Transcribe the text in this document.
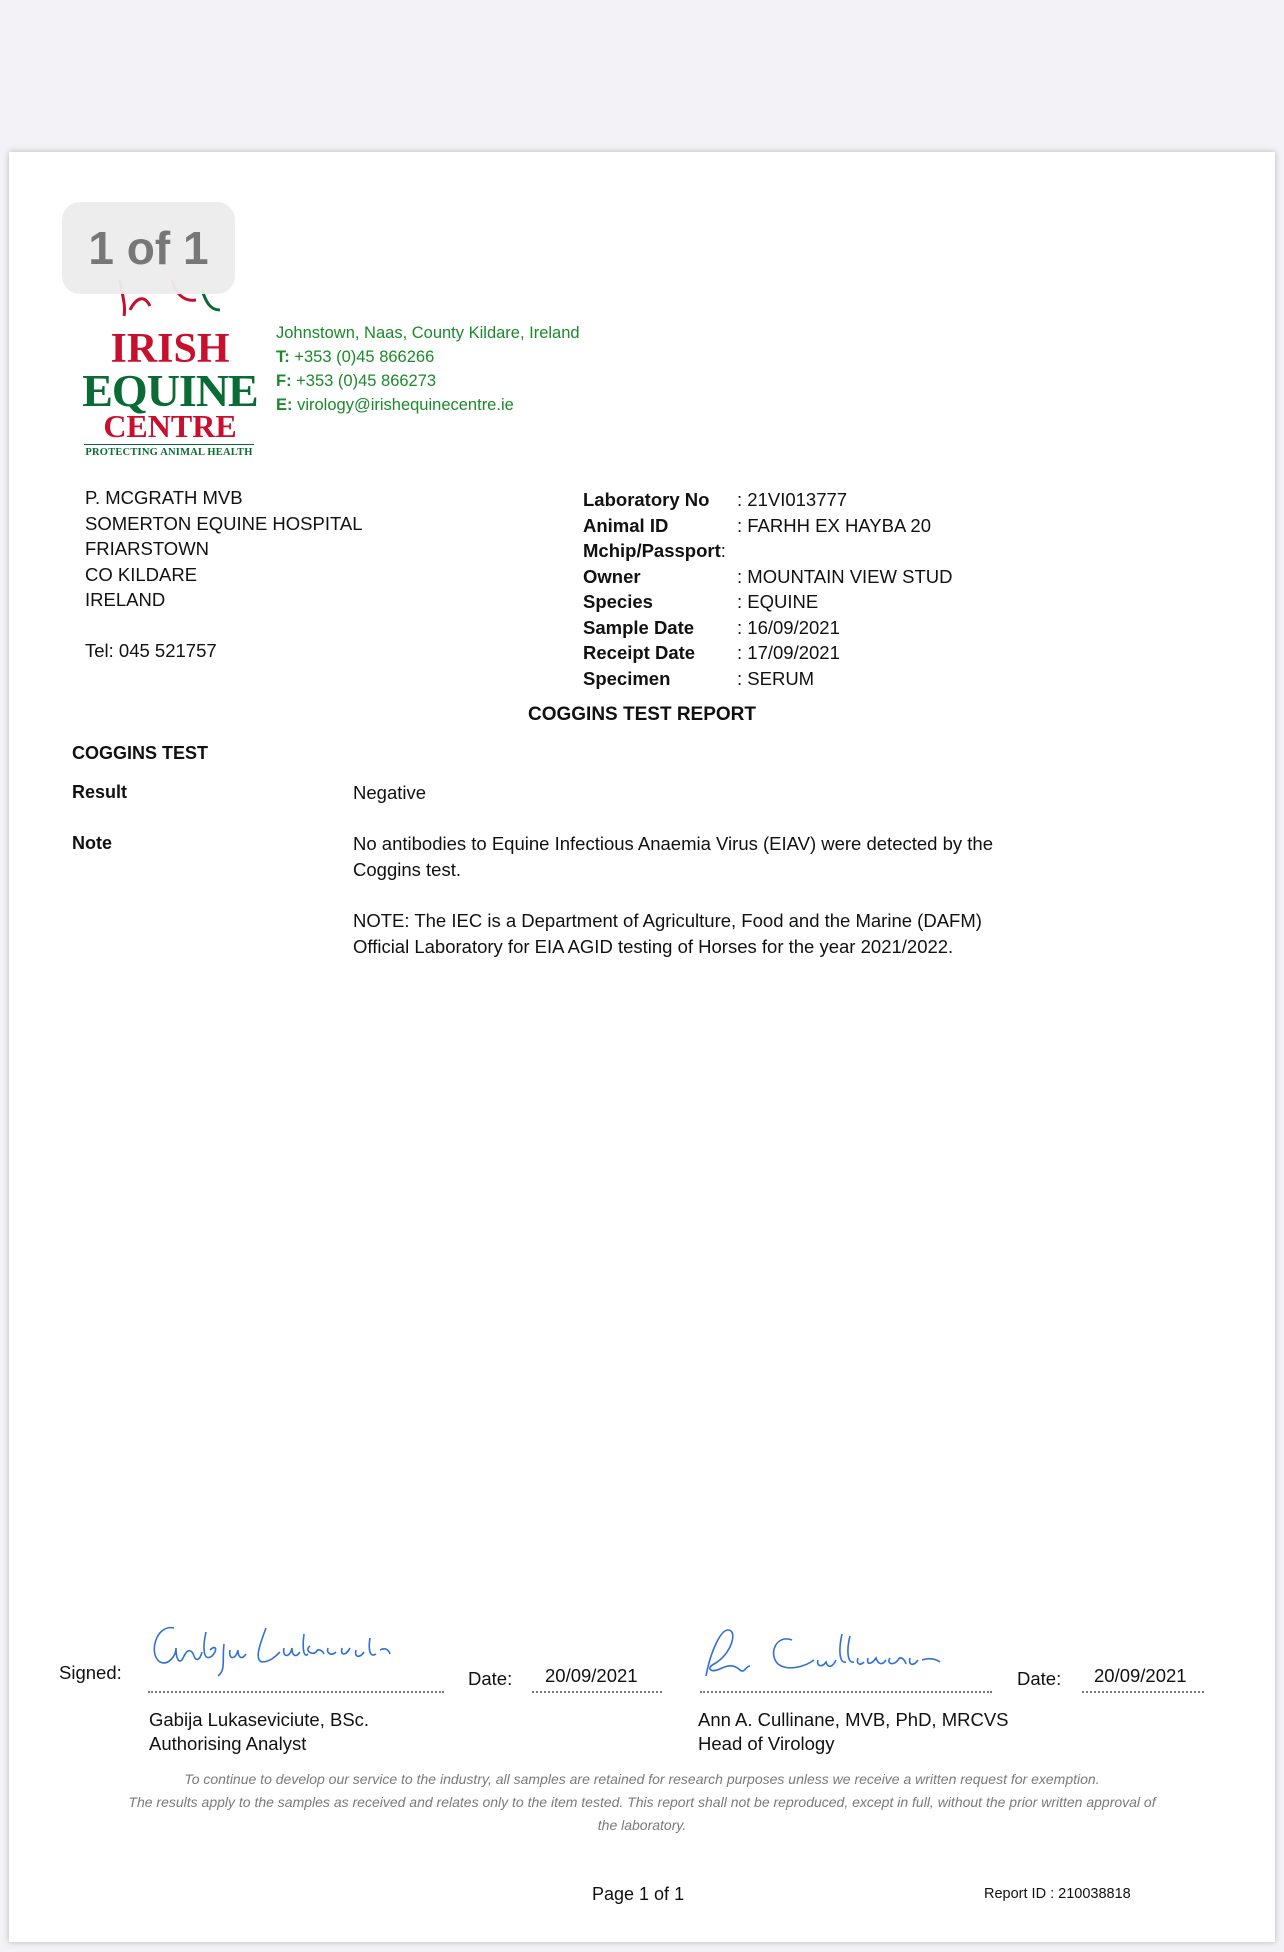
1 of 1
IRISH
EQUINE
CENTRE
PROTECTING ANIMAL HEALTH
Johnstown, Naas, County Kildare, Ireland
T: +353 (0)45 866266
F: +353 (0)45 866273
E: virology@irishequinecentre.ie
P. MCGRATH MVB
SOMERTON EQUINE HOSPITAL
FRIARSTOWN
CO KILDARE
IRELAND
Tel: 045 521757
Laboratory No	: 21VI013777
Animal ID	: FARHH EX HAYBA 20
Mchip/Passport :
Owner	: MOUNTAIN VIEW STUD
Species	: EQUINE
Sample Date	: 16/09/2021
Receipt Date	: 17/09/2021
Specimen	: SERUM
COGGINS TEST REPORT
COGGINS TEST
Result	Negative
Note	No antibodies to Equine Infectious Anaemia Virus (EIAV) were detected by the Coggins test.
NOTE: The IEC is a Department of Agriculture, Food and the Marine (DAFM) Official Laboratory for EIA AGID testing of Horses for the year 2021/2022.
Signed:	Date: 20/09/2021
Gabija Lukaseviciute, BSc.
Authorising Analyst
Date: 20/09/2021
Ann A. Cullinane, MVB, PhD, MRCVS
Head of Virology
To continue to develop our service to the industry, all samples are retained for research purposes unless we receive a written request for exemption.
The results apply to the samples as received and relates only to the item tested. This report shall not be reproduced, except in full, without the prior written approval of the laboratory.
Page 1 of 1	Report ID : 210038818
